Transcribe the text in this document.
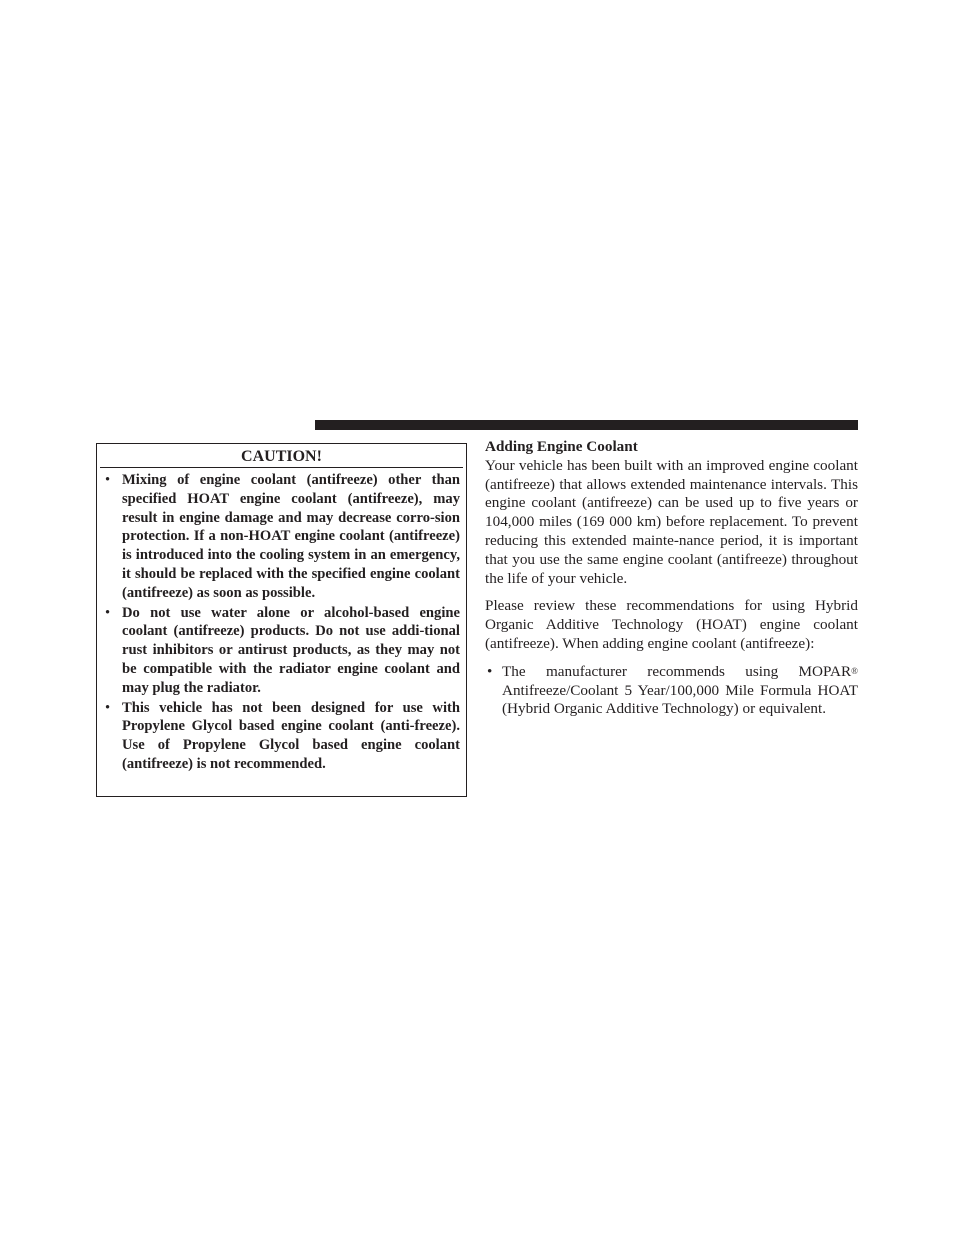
CAUTION!
• Mixing of engine coolant (antifreeze) other than specified HOAT engine coolant (antifreeze), may result in engine damage and may decrease corro-sion protection. If a non-HOAT engine coolant (antifreeze) is introduced into the cooling system in an emergency, it should be replaced with the specified engine coolant (antifreeze) as soon as possible.
• Do not use water alone or alcohol-based engine coolant (antifreeze) products. Do not use addi-tional rust inhibitors or antirust products, as they may not be compatible with the radiator engine coolant and may plug the radiator.
• This vehicle has not been designed for use with Propylene Glycol based engine coolant (anti-freeze). Use of Propylene Glycol based engine coolant (antifreeze) is not recommended.

Adding Engine Coolant

Your vehicle has been built with an improved engine coolant (antifreeze) that allows extended maintenance intervals. This engine coolant (antifreeze) can be used up to five years or 104,000 miles (169 000 km) before replacement. To prevent reducing this extended mainte-nance period, it is important that you use the same engine coolant (antifreeze) throughout the life of your vehicle.

Please review these recommendations for using Hybrid Organic Additive Technology (HOAT) engine coolant (antifreeze). When adding engine coolant (antifreeze):

• The manufacturer recommends using MOPAR® Antifreeze/Coolant 5 Year/100,000 Mile Formula HOAT (Hybrid Organic Additive Technology) or equivalent.
